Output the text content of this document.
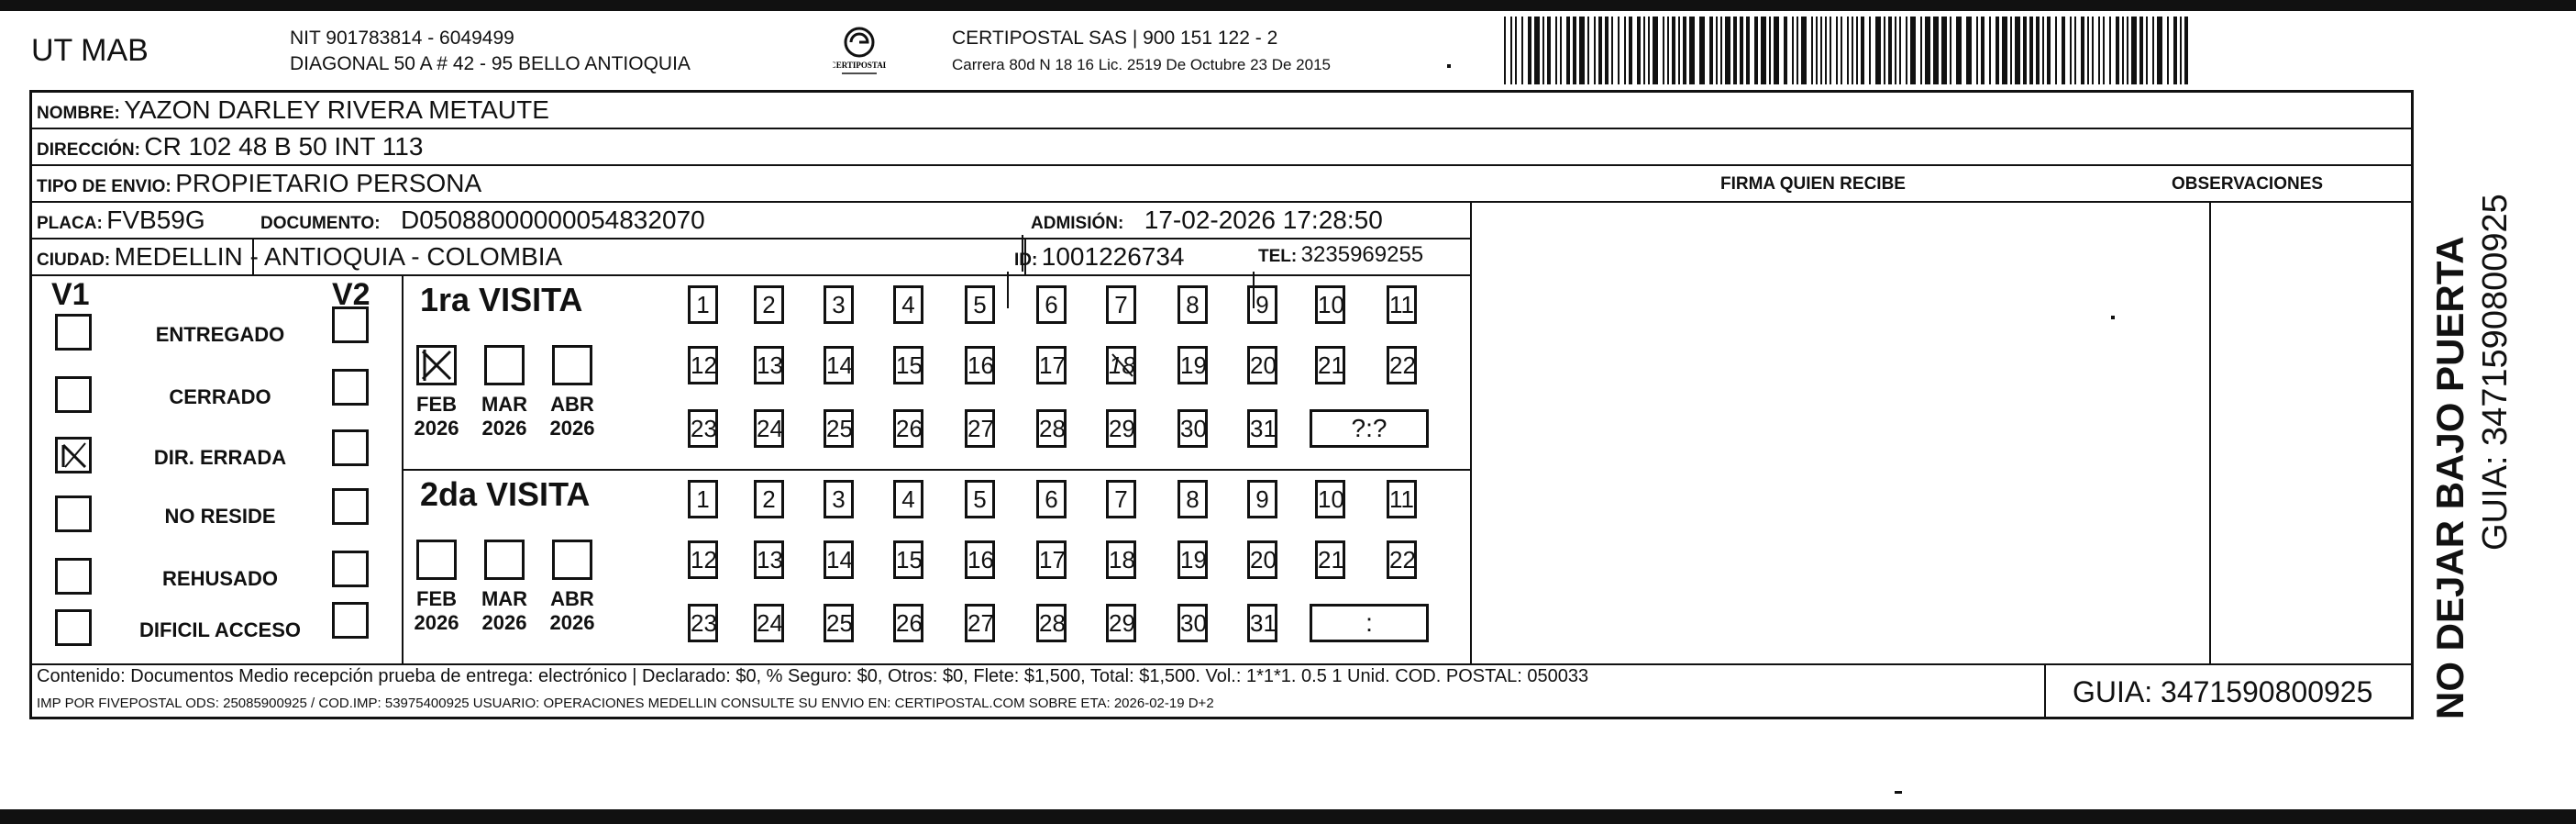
UT MAB	NIT 901783814 - 6049499
DIAGONAL 50 A # 42 - 95 BELLO ANTIOQUIA	CERTIPOSTAL
CERTIPOSTAL SAS | 900 151 122 - 2
Carrera 80d N 18 16 Lic. 2519 De Octubre 23 De 2015
NOMBRE: YAZON DARLEY RIVERA METAUTE
DIRECCIÓN: CR 102 48 B 50 INT 113
TIPO DE ENVIO: PROPIETARIO PERSONA	FIRMA QUIEN RECIBE	OBSERVACIONES
PLACA: FVB59G	DOCUMENTO: D05088000000054832070	ADMISIÓN: 17-02-2026 17:28:50
CIUDAD: MEDELLIN - ANTIOQUIA - COLOMBIA	ID: 1001226734	TEL: 3235969255
V1	V2
ENTREGADO
CERRADO
DIR. ERRADA
NO RESIDE
REHUSADO
DIFICIL ACCESO
1ra VISITA
FEB
2026
MAR
2026
ABR
2026
1	2	3	4	5	6	7	8	9	10 11
12 13 14 15 16 17 18 19 20 21 22
23 24 25 26 27 28 29 30 31	?:?
2da VISITA
FEB
2026
MAR
2026
ABR
2026
1	2	3	4	5	6	7	8	9	10 11
12 13 14 15 16 17 18 19 20 21 22
23 24 25 26 27 28 29 30 31	:
Contenido: Documentos Medio recepción prueba de entrega: electrónico | Declarado: $0, % Seguro: $0, Otros: $0, Flete: $1,500, Total: $1,500. Vol.: 1*1*1. 0.5 1 Unid. COD. POSTAL: 050033
IMP POR FIVEPOSTAL ODS: 25085900925 / COD.IMP: 53975400925 USUARIO: OPERACIONES MEDELLIN CONSULTE SU ENVIO EN: CERTIPOSTAL.COM SOBRE ETA: 2026-02-19 D+2	GUIA: 3471590800925 NO DEJAR BAJO PUERTA GUIA: 3471590800925
